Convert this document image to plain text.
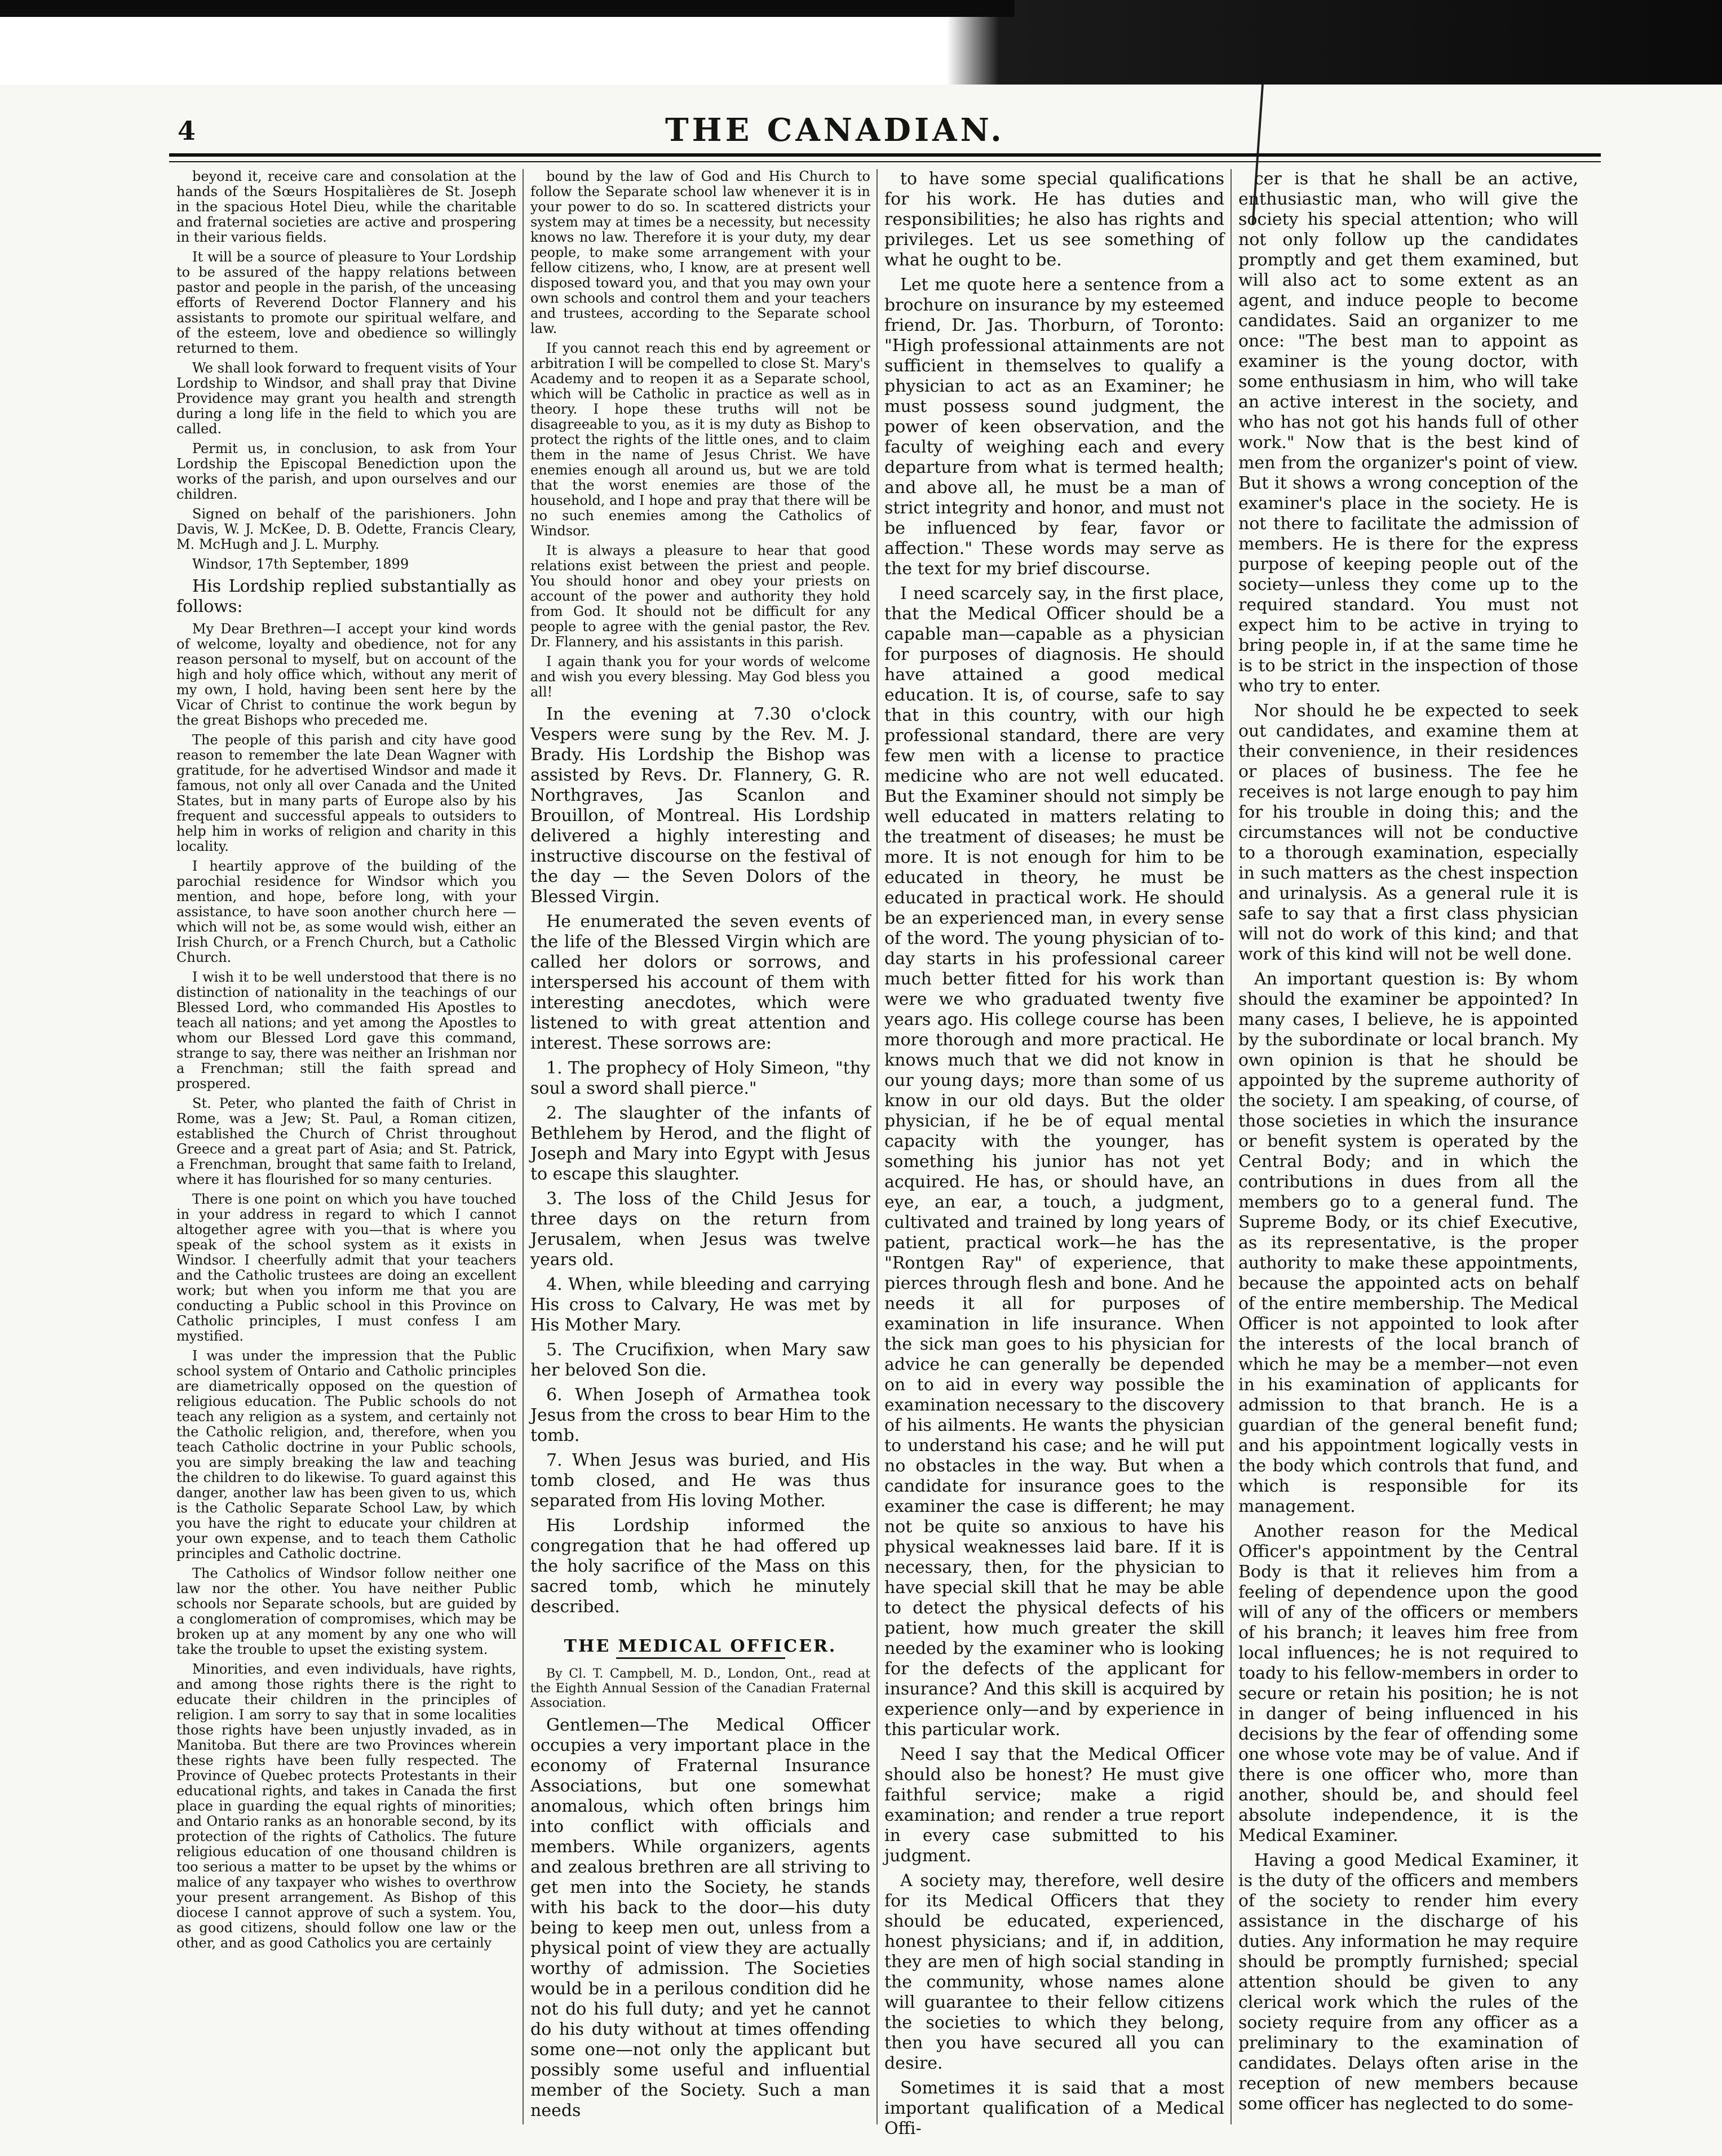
4	THE CANADIAN.

beyond it, receive care and consolation at the hands of the Sœurs Hospitalières de St. Joseph in the spacious Hotel Dieu, while the charitable and fraternal societies are active and prospering in their various fields.

It will be a source of pleasure to Your Lordship to be assured of the happy relations between pastor and people in the parish, of the unceasing efforts of Reverend Doctor Flannery and his assistants to promote our spiritual welfare, and of the esteem, love and obedience so willingly returned to them.

We shall look forward to frequent visits of Your Lordship to Windsor, and shall pray that Divine Providence may grant you health and strength during a long life in the field to which you are called.

Permit us, in conclusion, to ask from Your Lordship the Episcopal Benediction upon the works of the parish, and upon ourselves and our children.

Signed on behalf of the parishioners. John Davis, W. J. McKee, D. B. Odette, Francis Cleary, M. McHugh and J. L. Murphy.

Windsor, 17th September, 1899

His Lordship replied substantially as follows:

My Dear Brethren—I accept your kind words of welcome, loyalty and obedience, not for any reason personal to myself, but on account of the high and holy office which, without any merit of my own, I hold, having been sent here by the Vicar of Christ to continue the work begun by the great Bishops who preceded me.

The people of this parish and city have good reason to remember the late Dean Wagner with gratitude, for he advertised Windsor and made it famous, not only all over Canada and the United States, but in many parts of Europe also by his frequent and successful appeals to outsiders to help him in works of religion and charity in this locality.

I heartily approve of the building of the parochial residence for Windsor which you mention, and hope, before long, with your assistance, to have soon another church here —which will not be, as some would wish, either an Irish Church, or a French Church, but a Catholic Church.

I wish it to be well understood that there is no distinction of nationality in the teachings of our Blessed Lord, who commanded His Apostles to teach all nations; and yet among the Apostles to whom our Blessed Lord gave this command, strange to say, there was neither an Irishman nor a Frenchman; still the faith spread and prospered.

St. Peter, who planted the faith of Christ in Rome, was a Jew; St. Paul, a Roman citizen, established the Church of Christ throughout Greece and a great part of Asia; and St. Patrick, a Frenchman, brought that same faith to Ireland, where it has flourished for so many centuries.

There is one point on which you have touched in your address in regard to which I cannot altogether agree with you—that is where you speak of the school system as it exists in Windsor. I cheerfully admit that your teachers and the Catholic trustees are doing an excellent work; but when you inform me that you are conducting a Public school in this Province on Catholic principles, I must confess I am mystified.

I was under the impression that the Public school system of Ontario and Catholic principles are diametrically opposed on the question of religious education. The Public schools do not teach any religion as a system, and certainly not the Catholic religion, and, therefore, when you teach Catholic doctrine in your Public schools, you are simply breaking the law and teaching the children to do likewise. To guard against this danger, another law has been given to us, which is the Catholic Separate School Law, by which you have the right to educate your children at your own expense, and to teach them Catholic principles and Catholic doctrine.

The Catholics of Windsor follow neither one law nor the other. You have neither Public schools nor Separate schools, but are guided by a conglomeration of compromises, which may be broken up at any moment by any one who will take the trouble to upset the existing system.

Minorities, and even individuals, have rights, and among those rights there is the right to educate their children in the principles of religion. I am sorry to say that in some localities those rights have been unjustly invaded, as in Manitoba. But there are two Provinces wherein these rights have been fully respected. The Province of Quebec protects Protestants in their educational rights, and takes in Canada the first place in guarding the equal rights of minorities; and Ontario ranks as an honorable second, by its protection of the rights of Catholics. The future religious education of one thousand children is too serious a matter to be upset by the whims or malice of any taxpayer who wishes to overthrow your present arrangement. As Bishop of this diocese I cannot approve of such a system. You, as good citizens, should follow one law or the other, and as good Catholics you are certainly

bound by the law of God and His Church to follow the Separate school law whenever it is in your power to do so. In scattered districts your system may at times be a necessity, but necessity knows no law. Therefore it is your duty, my dear people, to make some arrangement with your fellow citizens, who, I know, are at present well disposed toward you, and that you may own your own schools and control them and your teachers and trustees, according to the Separate school law.

If you cannot reach this end by agreement or arbitration I will be compelled to close St. Mary's Academy and to reopen it as a Separate school, which will be Catholic in practice as well as in theory. I hope these truths will not be disagreeable to you, as it is my duty as Bishop to protect the rights of the little ones, and to claim them in the name of Jesus Christ. We have enemies enough all around us, but we are told that the worst enemies are those of the household, and I hope and pray that there will be no such enemies among the Catholics of Windsor.

It is always a pleasure to hear that good relations exist between the priest and people. You should honor and obey your priests on account of the power and authority they hold from God. It should not be difficult for any people to agree with the genial pastor, the Rev. Dr. Flannery, and his assistants in this parish.

I again thank you for your words of welcome and wish you every blessing. May God bless you all!

In the evening at 7.30 o'clock Vespers were sung by the Rev. M. J. Brady. His Lordship the Bishop was assisted by Revs. Dr. Flannery, G. R. Northgraves, Jas Scanlon and Brouillon, of Montreal. His Lordship delivered a highly interesting and instructive discourse on the festival of the day — the Seven Dolors of the Blessed Virgin.

He enumerated the seven events of the life of the Blessed Virgin which are called her dolors or sorrows, and interspersed his account of them with interesting anecdotes, which were listened to with great attention and interest. These sorrows are:

1. The prophecy of Holy Simeon, "thy soul a sword shall pierce."

2. The slaughter of the infants of Bethlehem by Herod, and the flight of Joseph and Mary into Egypt with Jesus to escape this slaughter.

3. The loss of the Child Jesus for three days on the return from Jerusalem, when Jesus was twelve years old.

4. When, while bleeding and carrying His cross to Calvary, He was met by His Mother Mary.

5. The Crucifixion, when Mary saw her beloved Son die.

6. When Joseph of Armathea took Jesus from the cross to bear Him to the tomb.

7. When Jesus was buried, and His tomb closed, and He was thus separated from His loving Mother.

His Lordship informed the congregation that he had offered up the holy sacrifice of the Mass on this sacred tomb, which he minutely described.

THE MEDICAL OFFICER.

By Cl. T. Campbell, M. D., London, Ont., read at the Eighth Annual Session of the Canadian Fraternal Association.

Gentlemen—The Medical Officer occupies a very important place in the economy of Fraternal Insurance Associations, but one somewhat anomalous, which often brings him into conflict with officials and members. While organizers, agents and zealous brethren are all striving to get men into the Society, he stands with his back to the door—his duty being to keep men out, unless from a physical point of view they are actually worthy of admission. The Societies would be in a perilous condition did he not do his full duty; and yet he cannot do his duty without at times offending some one—not only the applicant but possibly some useful and influential member of the Society. Such a man needs

to have some special qualifications for his work. He has duties and responsibilities; he also has rights and privileges. Let us see something of what he ought to be.

Let me quote here a sentence from a brochure on insurance by my esteemed friend, Dr. Jas. Thorburn, of Toronto: "High professional attainments are not sufficient in themselves to qualify a physician to act as an Examiner; he must possess sound judgment, the power of keen observation, and the faculty of weighing each and every departure from what is termed health; and above all, he must be a man of strict integrity and honor, and must not be influenced by fear, favor or affection." These words may serve as the text for my brief discourse.

I need scarcely say, in the first place, that the Medical Officer should be a capable man—capable as a physician for purposes of diagnosis. He should have attained a good medical education. It is, of course, safe to say that in this country, with our high professional standard, there are very few men with a license to practice medicine who are not well educated. But the Examiner should not simply be well educated in matters relating to the treatment of diseases; he must be more. It is not enough for him to be educated in theory, he must be educated in practical work. He should be an experienced man, in every sense of the word. The young physician of to-day starts in his professional career much better fitted for his work than were we who graduated twenty five years ago. His college course has been more thorough and more practical. He knows much that we did not know in our young days; more than some of us know in our old days. But the older physician, if he be of equal mental capacity with the younger, has something his junior has not yet acquired. He has, or should have, an eye, an ear, a touch, a judgment, cultivated and trained by long years of patient, practical work—he has the "Rontgen Ray" of experience, that pierces through flesh and bone. And he needs it all for purposes of examination in life insurance. When the sick man goes to his physician for advice he can generally be depended on to aid in every way possible the examination necessary to the discovery of his ailments. He wants the physician to understand his case; and he will put no obstacles in the way. But when a candidate for insurance goes to the examiner the case is different; he may not be quite so anxious to have his physical weaknesses laid bare. If it is necessary, then, for the physician to have special skill that he may be able to detect the physical defects of his patient, how much greater the skill needed by the examiner who is looking for the defects of the applicant for insurance? And this skill is acquired by experience only—and by experience in this particular work.

Need I say that the Medical Officer should also be honest? He must give faithful service; make a rigid examination; and render a true report in every case submitted to his judgment.

A society may, therefore, well desire for its Medical Officers that they should be educated, experienced, honest physicians; and if, in addition, they are men of high social standing in the community, whose names alone will guarantee to their fellow citizens the societies to which they belong, then you have secured all you can desire.

Sometimes it is said that a most important qualification of a Medical Offi-

cer is that he shall be an active, enthusiastic man, who will give the society his special attention; who will not only follow up the candidates promptly and get them examined, but will also act to some extent as an agent, and induce people to become candidates. Said an organizer to me once: "The best man to appoint as examiner is the young doctor, with some enthusiasm in him, who will take an active interest in the society, and who has not got his hands full of other work." Now that is the best kind of men from the organizer's point of view. But it shows a wrong conception of the examiner's place in the society. He is not there to facilitate the admission of members. He is there for the express purpose of keeping people out of the society—unless they come up to the required standard. You must not expect him to be active in trying to bring people in, if at the same time he is to be strict in the inspection of those who try to enter.

Nor should he be expected to seek out candidates, and examine them at their convenience, in their residences or places of business. The fee he receives is not large enough to pay him for his trouble in doing this; and the circumstances will not be conductive to a thorough examination, especially in such matters as the chest inspection and urinalysis. As a general rule it is safe to say that a first class physician will not do work of this kind; and that work of this kind will not be well done.

An important question is: By whom should the examiner be appointed? In many cases, I believe, he is appointed by the subordinate or local branch. My own opinion is that he should be appointed by the supreme authority of the society. I am speaking, of course, of those societies in which the insurance or benefit system is operated by the Central Body; and in which the contributions in dues from all the members go to a general fund. The Supreme Body, or its chief Executive, as its representative, is the proper authority to make these appointments, because the appointed acts on behalf of the entire membership. The Medical Officer is not appointed to look after the interests of the local branch of which he may be a member—not even in his examination of applicants for admission to that branch. He is a guardian of the general benefit fund; and his appointment logically vests in the body which controls that fund, and which is responsible for its management.

Another reason for the Medical Officer's appointment by the Central Body is that it relieves him from a feeling of dependence upon the good will of any of the officers or members of his branch; it leaves him free from local influences; he is not required to toady to his fellow-members in order to secure or retain his position; he is not in danger of being influenced in his decisions by the fear of offending some one whose vote may be of value. And if there is one officer who, more than another, should be, and should feel absolute independence, it is the Medical Examiner.

Having a good Medical Examiner, it is the duty of the officers and members of the society to render him every assistance in the discharge of his duties. Any information he may require should be promptly furnished; special attention should be given to any clerical work which the rules of the society require from any officer as a preliminary to the examination of candidates. Delays often arise in the reception of new members because some officer has neglected to do some-
